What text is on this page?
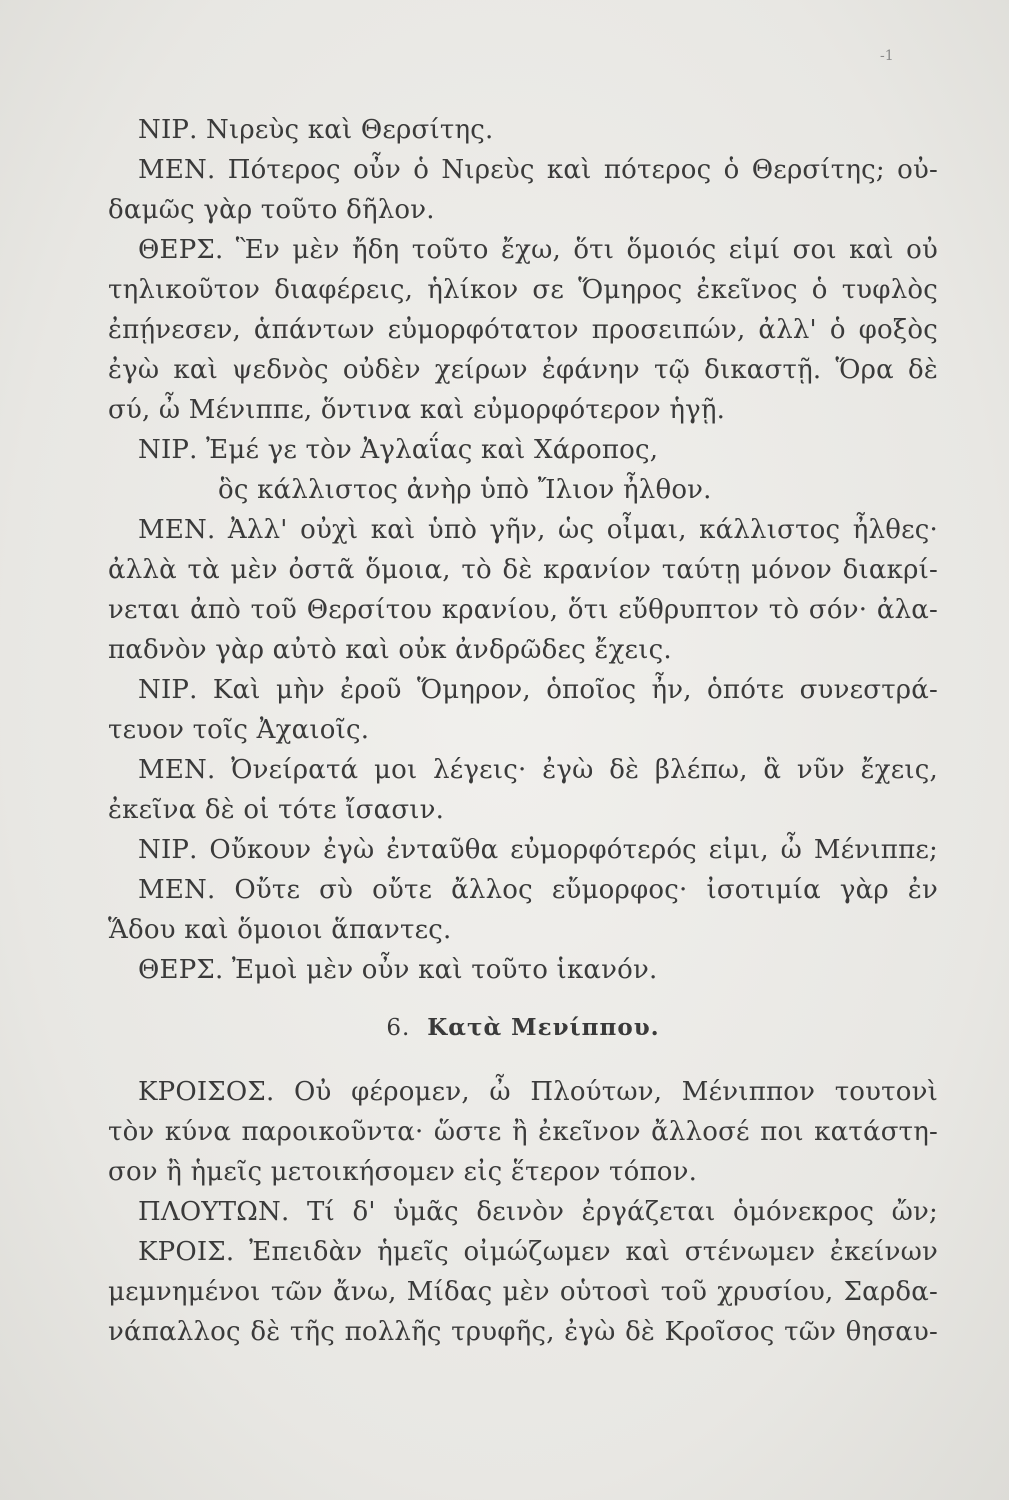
-1
ΝΙΡ. Νιρεὺς καὶ Θερσίτης.
ΜΕΝ. Πότερος οὖν ὁ Νιρεὺς καὶ πότερος ὁ Θερσίτης; οὐ-
δαμῶς γὰρ τοῦτο δῆλον.
ΘΕΡΣ. Ἓν μὲν ἤδη τοῦτο ἔχω, ὅτι ὅμοιός εἰμί σοι καὶ οὐ
τηλικοῦτον διαφέρεις, ἡλίκον σε Ὅμηρος ἐκεῖνος ὁ τυφλὸς
ἐπῄνεσεν, ἁπάντων εὐμορφότατον προσειπών, ἀλλ' ὁ φοξὸς
ἐγὼ καὶ ψεδνὸς οὐδὲν χείρων ἐφάνην τῷ δικαστῇ. Ὅρα δὲ
σύ, ὦ Μένιππε, ὅντινα καὶ εὐμορφότερον ἡγῇ.
ΝΙΡ. Ἐμέ γε τὸν Ἀγλαΐας καὶ Χάροπος,
ὃς κάλλιστος ἀνὴρ ὑπὸ Ἴλιον ἦλθον.
ΜΕΝ. Ἀλλ' οὐχὶ καὶ ὑπὸ γῆν, ὡς οἶμαι, κάλλιστος ἦλθες·
ἀλλὰ τὰ μὲν ὀστᾶ ὅμοια, τὸ δὲ κρανίον ταύτῃ μόνον διακρί-
νεται ἀπὸ τοῦ Θερσίτου κρανίου, ὅτι εὔθρυπτον τὸ σόν· ἀλα-
παδνὸν γὰρ αὐτὸ καὶ οὐκ ἀνδρῶδες ἔχεις.
ΝΙΡ. Καὶ μὴν ἐροῦ Ὅμηρον, ὁποῖος ἦν, ὁπότε συνεστρά-
τευον τοῖς Ἀχαιοῖς.
ΜΕΝ. Ὀνείρατά μοι λέγεις· ἐγὼ δὲ βλέπω, ἃ νῦν ἔχεις,
ἐκεῖνα δὲ οἱ τότε ἴσασιν.
ΝΙΡ. Οὔκουν ἐγὼ ἐνταῦθα εὐμορφότερός εἰμι, ὦ Μένιππε;
ΜΕΝ. Οὔτε σὺ οὔτε ἄλλος εὔμορφος· ἰσοτιμία γὰρ ἐν
Ἅδου καὶ ὅμοιοι ἅπαντες.
ΘΕΡΣ. Ἐμοὶ μὲν οὖν καὶ τοῦτο ἱκανόν.
6. Κατὰ Μενίππου.
ΚΡΟΙΣΟΣ. Οὐ φέρομεν, ὦ Πλούτων, Μένιππον τουτονὶ
τὸν κύνα παροικοῦντα· ὥστε ἢ ἐκεῖνον ἄλλοσέ ποι κατάστη-
σον ἢ ἡμεῖς μετοικήσομεν εἰς ἕτερον τόπον.
ΠΛΟΥΤΩΝ. Τί δ' ὑμᾶς δεινὸν ἐργάζεται ὁμόνεκρος ὤν;
ΚΡΟΙΣ. Ἐπειδὰν ἡμεῖς οἰμώζωμεν καὶ στένωμεν ἐκείνων
μεμνημένοι τῶν ἄνω, Μίδας μὲν οὑτοσὶ τοῦ χρυσίου, Σαρδα-
νάπαλλος δὲ τῆς πολλῆς τρυφῆς, ἐγὼ δὲ Κροῖσος τῶν θησαυ-
